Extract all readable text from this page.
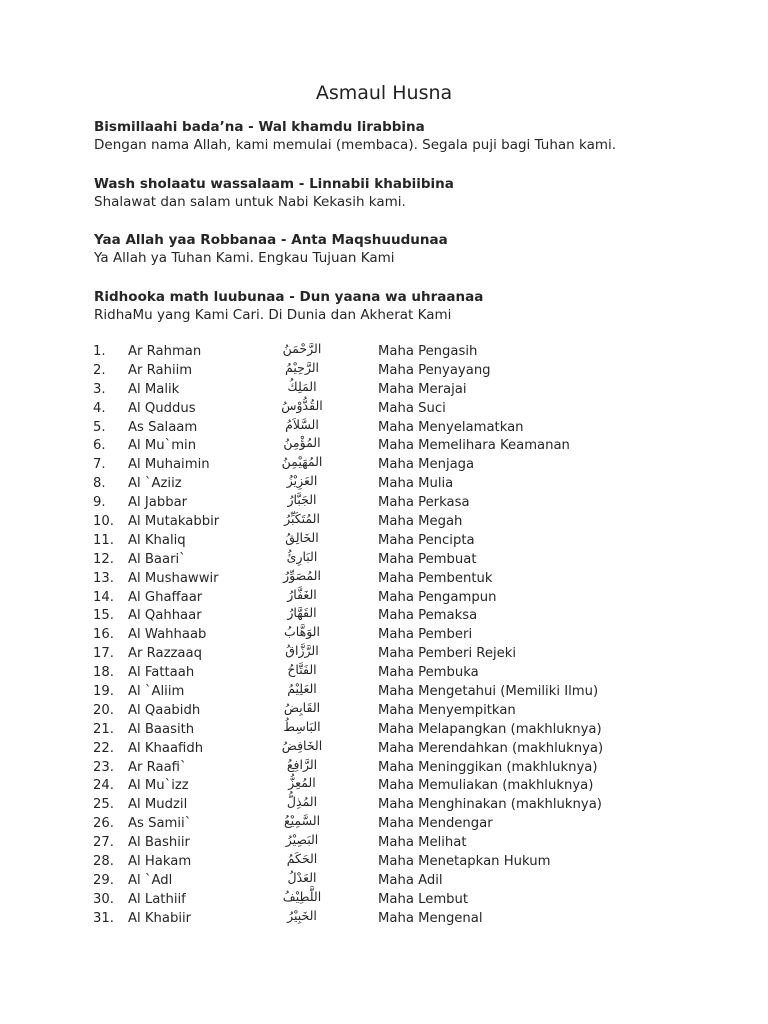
Asmaul Husna
Bismillaahi bada’na - Wal khamdu lirabbina
Dengan nama Allah, kami memulai (membaca). Segala puji bagi Tuhan kami.
Wash sholaatu wassalaam - Linnabii khabiibina
Shalawat dan salam untuk Nabi Kekasih kami.
Yaa Allah yaa Robbanaa - Anta Maqshuudunaa
Ya Allah ya Tuhan Kami. Engkau Tujuan Kami
Ridhooka math luubunaa - Dun yaana wa uhraanaa
RidhaMu yang Kami Cari. Di Dunia dan Akherat Kami
1. Ar Rahman	الرَّحْمَنُ	Maha Pengasih
2. Ar Rahiim	الرَّحِيْمُ	Maha Penyayang
3. Al Malik	المَلِكُ	Maha Merajai
4. Al Quddus	القُدُّوْسُ	Maha Suci
5. As Salaam	السَّلاَمُ	Maha Menyelamatkan
6. Al Mu`min	المُؤْمِنُ	Maha Memelihara Keamanan
7. Al Muhaimin	المُهَيْمِنُ	Maha Menjaga
8. Al `Aziiz	العَزِيْزُ	Maha Mulia
9. Al Jabbar	الجَبَّارُ	Maha Perkasa
10. Al Mutakabbir	المُتَكَبِّرُ	Maha Megah
11. Al Khaliq	الخَالِقُ	Maha Pencipta
12. Al Baari`	البَارِئُ	Maha Pembuat
13. Al Mushawwir	المُصَوِّرُ	Maha Pembentuk
14. Al Ghaffaar	الغَفَّارُ	Maha Pengampun
15. Al Qahhaar	القَهَّارُ	Maha Pemaksa
16. Al Wahhaab	الوَهَّابُ	Maha Pemberi
17. Ar Razzaaq	الرَّزَّاقُ	Maha Pemberi Rejeki
18. Al Fattaah	الفَتَّاحُ	Maha Pembuka
19. Al `Aliim	العَلِيْمُ	Maha Mengetahui (Memiliki Ilmu)
20. Al Qaabidh	القَابِضُ	Maha Menyempitkan
21. Al Baasith	البَاسِطُ	Maha Melapangkan (makhluknya)
22. Al Khaafidh	الخَافِضُ	Maha Merendahkan (makhluknya)
23. Ar Raafi`	الرَّافِعُ	Maha Meninggikan (makhluknya)
24. Al Mu`izz	المُعِزُّ	Maha Memuliakan (makhluknya)
25. Al Mudzil	المُذِلُّ	Maha Menghinakan (makhluknya)
26. As Samii`	السَّمِيْعُ	Maha Mendengar
27. Al Bashiir	البَصِيْرُ	Maha Melihat
28. Al Hakam	الحَكَمُ	Maha Menetapkan Hukum
29. Al `Adl	العَدْلُ	Maha Adil
30. Al Lathiif	اللَّطِيْفُ	Maha Lembut
31. Al Khabiir	الخَبِيْرُ	Maha Mengenal
